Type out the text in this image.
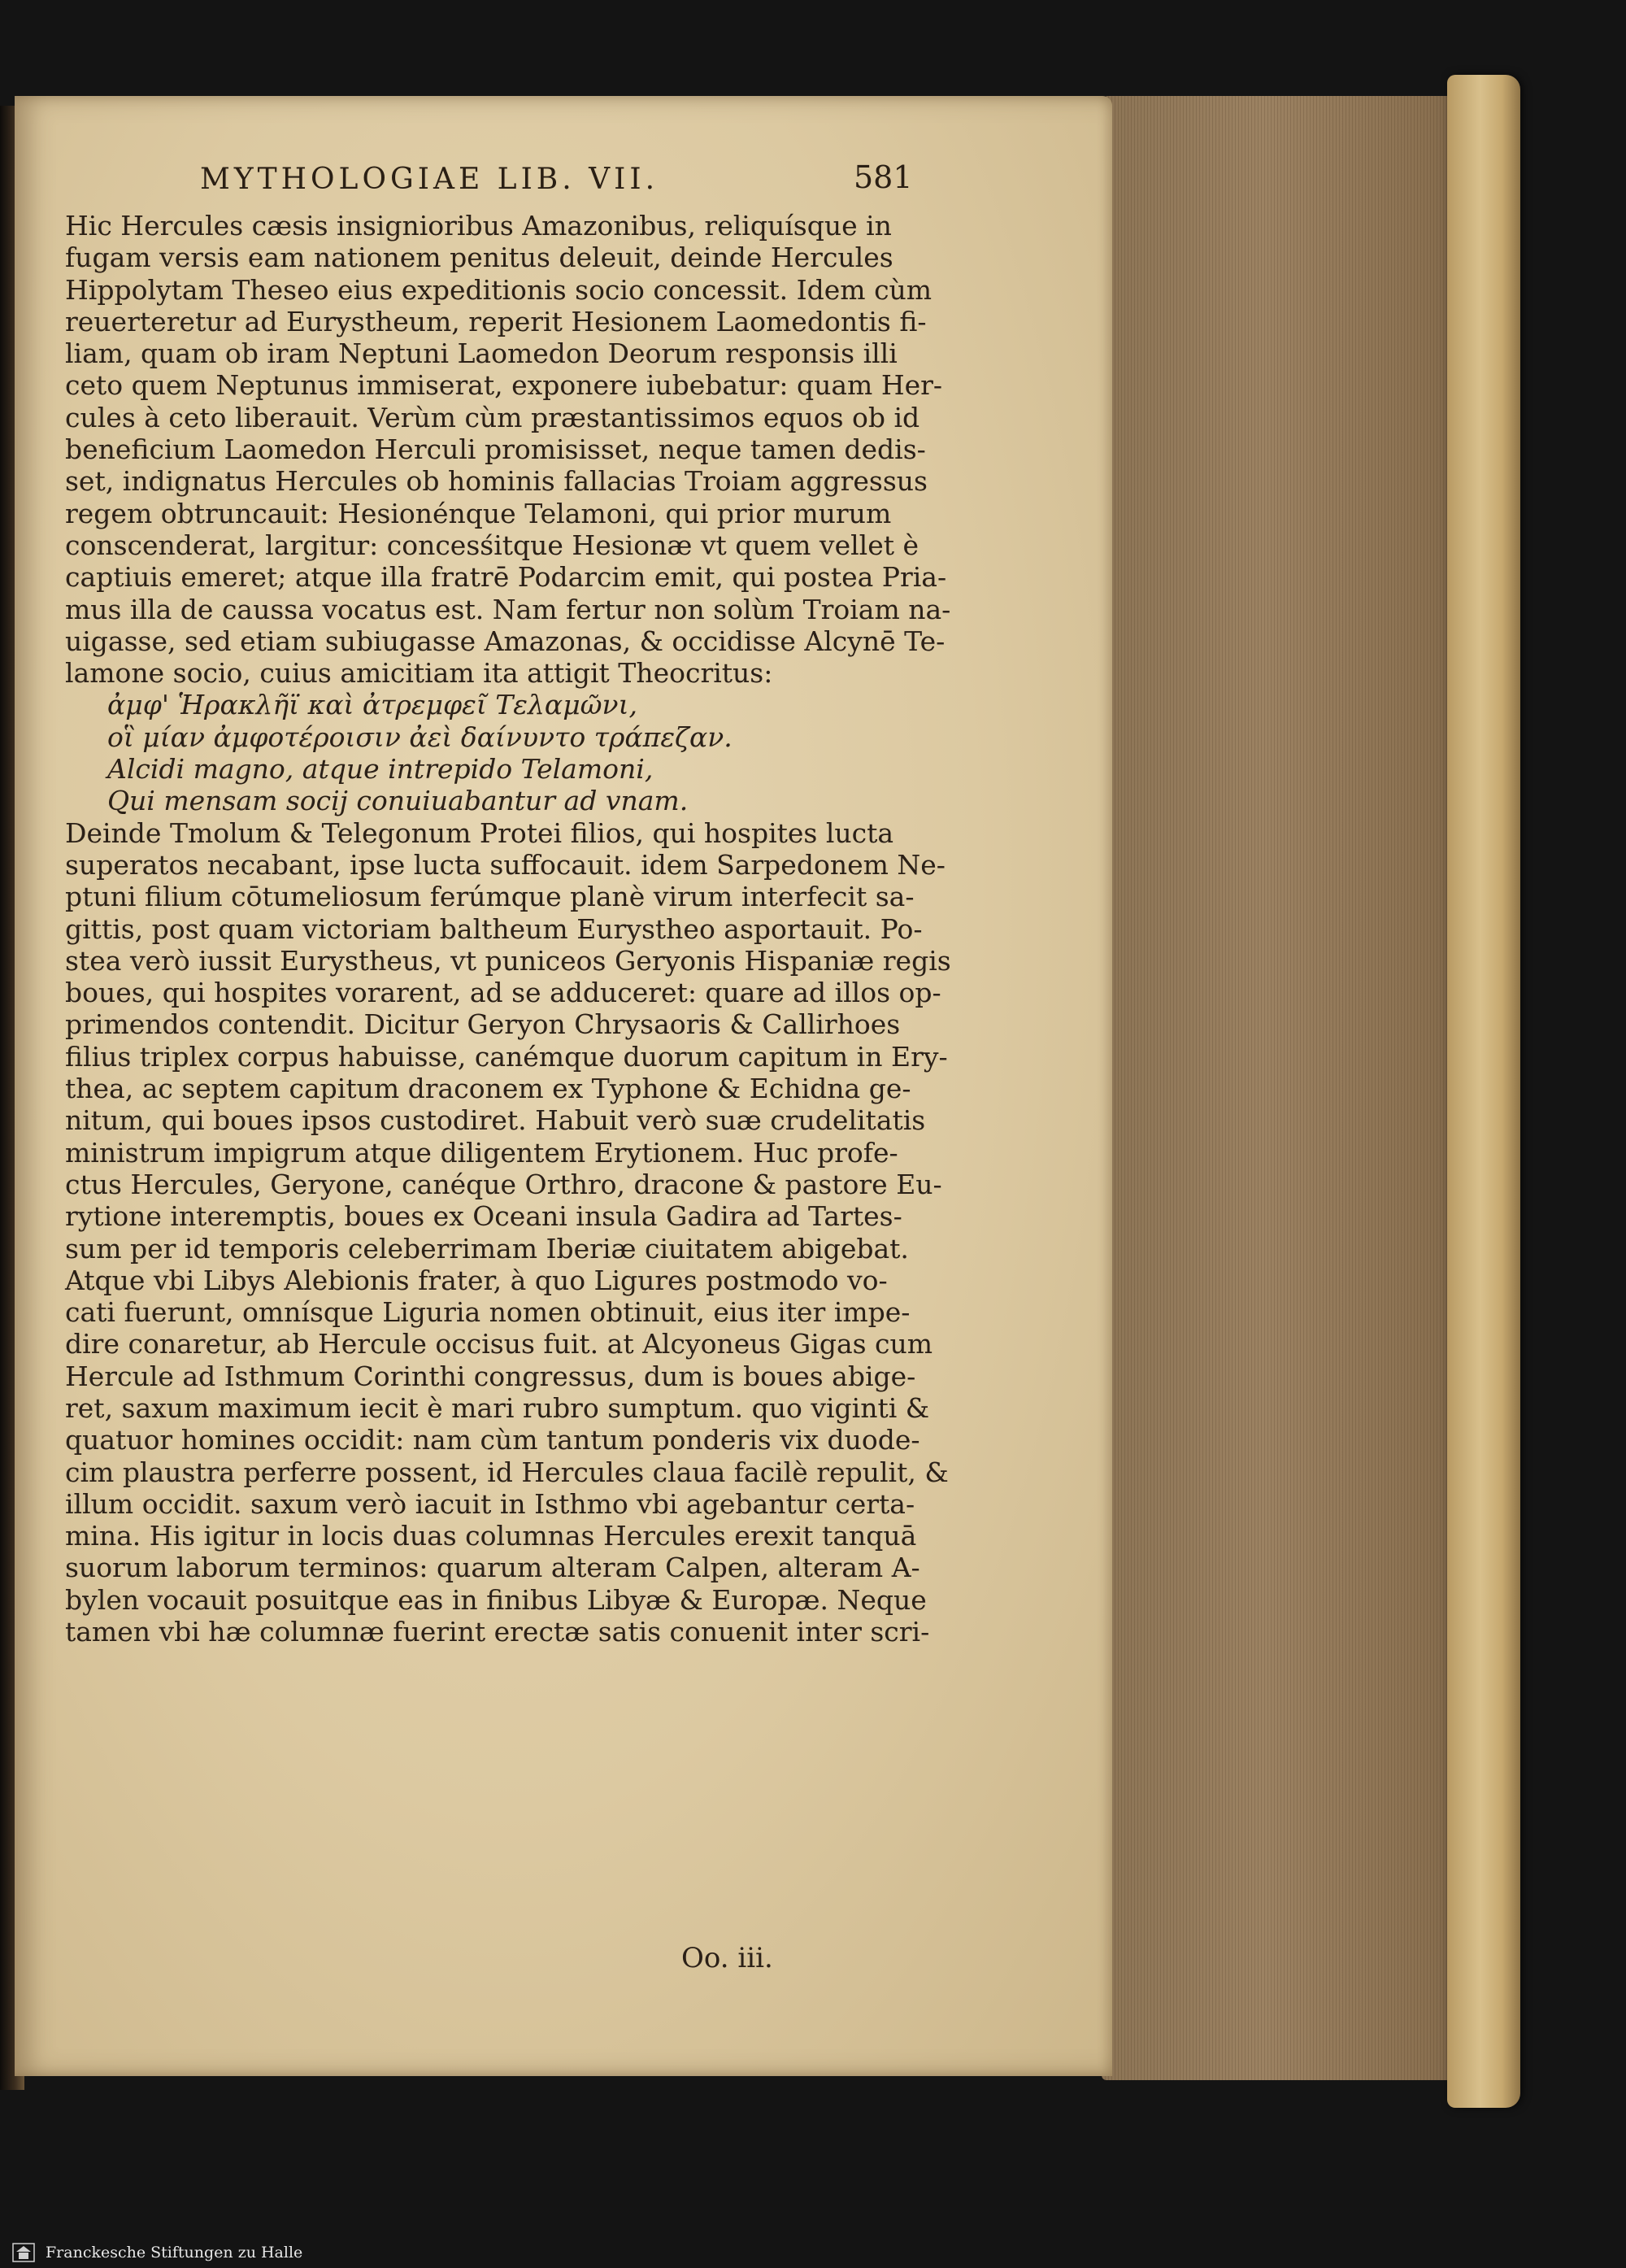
MYTHOLOGIAE LIB. VII.	581
Hic Hercules cæsis insignioribus Amazonibus, reliquísque in
fugam versis eam nationem penitus deleuit, deinde Hercules
Hippolytam Theseo eius expeditionis socio concessit. Idem cùm
reuerteretur ad Eurystheum, reperit Hesionem Laomedontis fi-
liam, quam ob iram Neptuni Laomedon Deorum responsis illi
ceto quem Neptunus immiserat, exponere iubebatur: quam Her-
cules à ceto liberauit. Verùm cùm præstantissimos equos ob id
beneficium Laomedon Herculi promisisset, neque tamen dedis-
set, indignatus Hercules ob hominis fallacias Troiam aggressus
regem obtruncauit: Hesionénque Telamoni, qui prior murum
conscenderat, largitur: concesśitque Hesionæ vt quem vellet è
captiuis emeret; atque illa fratrē Podarcim emit, qui postea Pria-
mus illa de caussa vocatus est. Nam fertur non solùm Troiam na-
uigasse, sed etiam subiugasse Amazonas, & occidisse Alcynē Te-
lamone socio, cuius amicitiam ita attigit Theocritus:
ἀμφ' Ἡρακλῆϊ καὶ ἀτρεμφεῖ Τελαμῶνι,
οἳ μίαν ἀμφοτέροισιν ἀεὶ δαίνυντο τράπεζαν.
Alcidi magno, atque intrepido Telamoni,
Qui mensam socij conuiuabantur ad vnam.
Deinde Tmolum & Telegonum Protei filios, qui hospites lucta
superatos necabant, ipse lucta suffocauit. idem Sarpedonem Ne-
ptuni filium cōtumeliosum ferúmque planè virum interfecit sa-
gittis, post quam victoriam baltheum Eurystheo asportauit. Po-
stea verò iussit Eurystheus, vt puniceos Geryonis Hispaniæ regis
boues, qui hospites vorarent, ad se adduceret: quare ad illos op-
primendos contendit. Dicitur Geryon Chrysaoris & Callirhoes
filius triplex corpus habuisse, canémque duorum capitum in Ery-
thea, ac septem capitum draconem ex Typhone & Echidna ge-
nitum, qui boues ipsos custodiret. Habuit verò suæ crudelitatis
ministrum impigrum atque diligentem Erytionem. Huc profe-
ctus Hercules, Geryone, canéque Orthro, dracone & pastore Eu-
rytione interemptis, boues ex Oceani insula Gadira ad Tartes-
sum per id temporis celeberrimam Iberiæ ciuitatem abigebat.
Atque vbi Libys Alebionis frater, à quo Ligures postmodo vo-
cati fuerunt, omnísque Liguria nomen obtinuit, eius iter impe-
dire conaretur, ab Hercule occisus fuit. at Alcyoneus Gigas cum
Hercule ad Isthmum Corinthi congressus, dum is boues abige-
ret, saxum maximum iecit è mari rubro sumptum. quo viginti &
quatuor homines occidit: nam cùm tantum ponderis vix duode-
cim plaustra perferre possent, id Hercules claua facilè repulit, &
illum occidit. saxum verò iacuit in Isthmo vbi agebantur certa-
mina. His igitur in locis duas columnas Hercules erexit tanquā
suorum laborum terminos: quarum alteram Calpen, alteram A-
bylen vocauit posuitque eas in finibus Libyæ & Europæ. Neque
tamen vbi hæ columnæ fuerint erectæ satis conuenit inter scri-
Oo. iii.
Franckesche Stiftungen zu Halle
